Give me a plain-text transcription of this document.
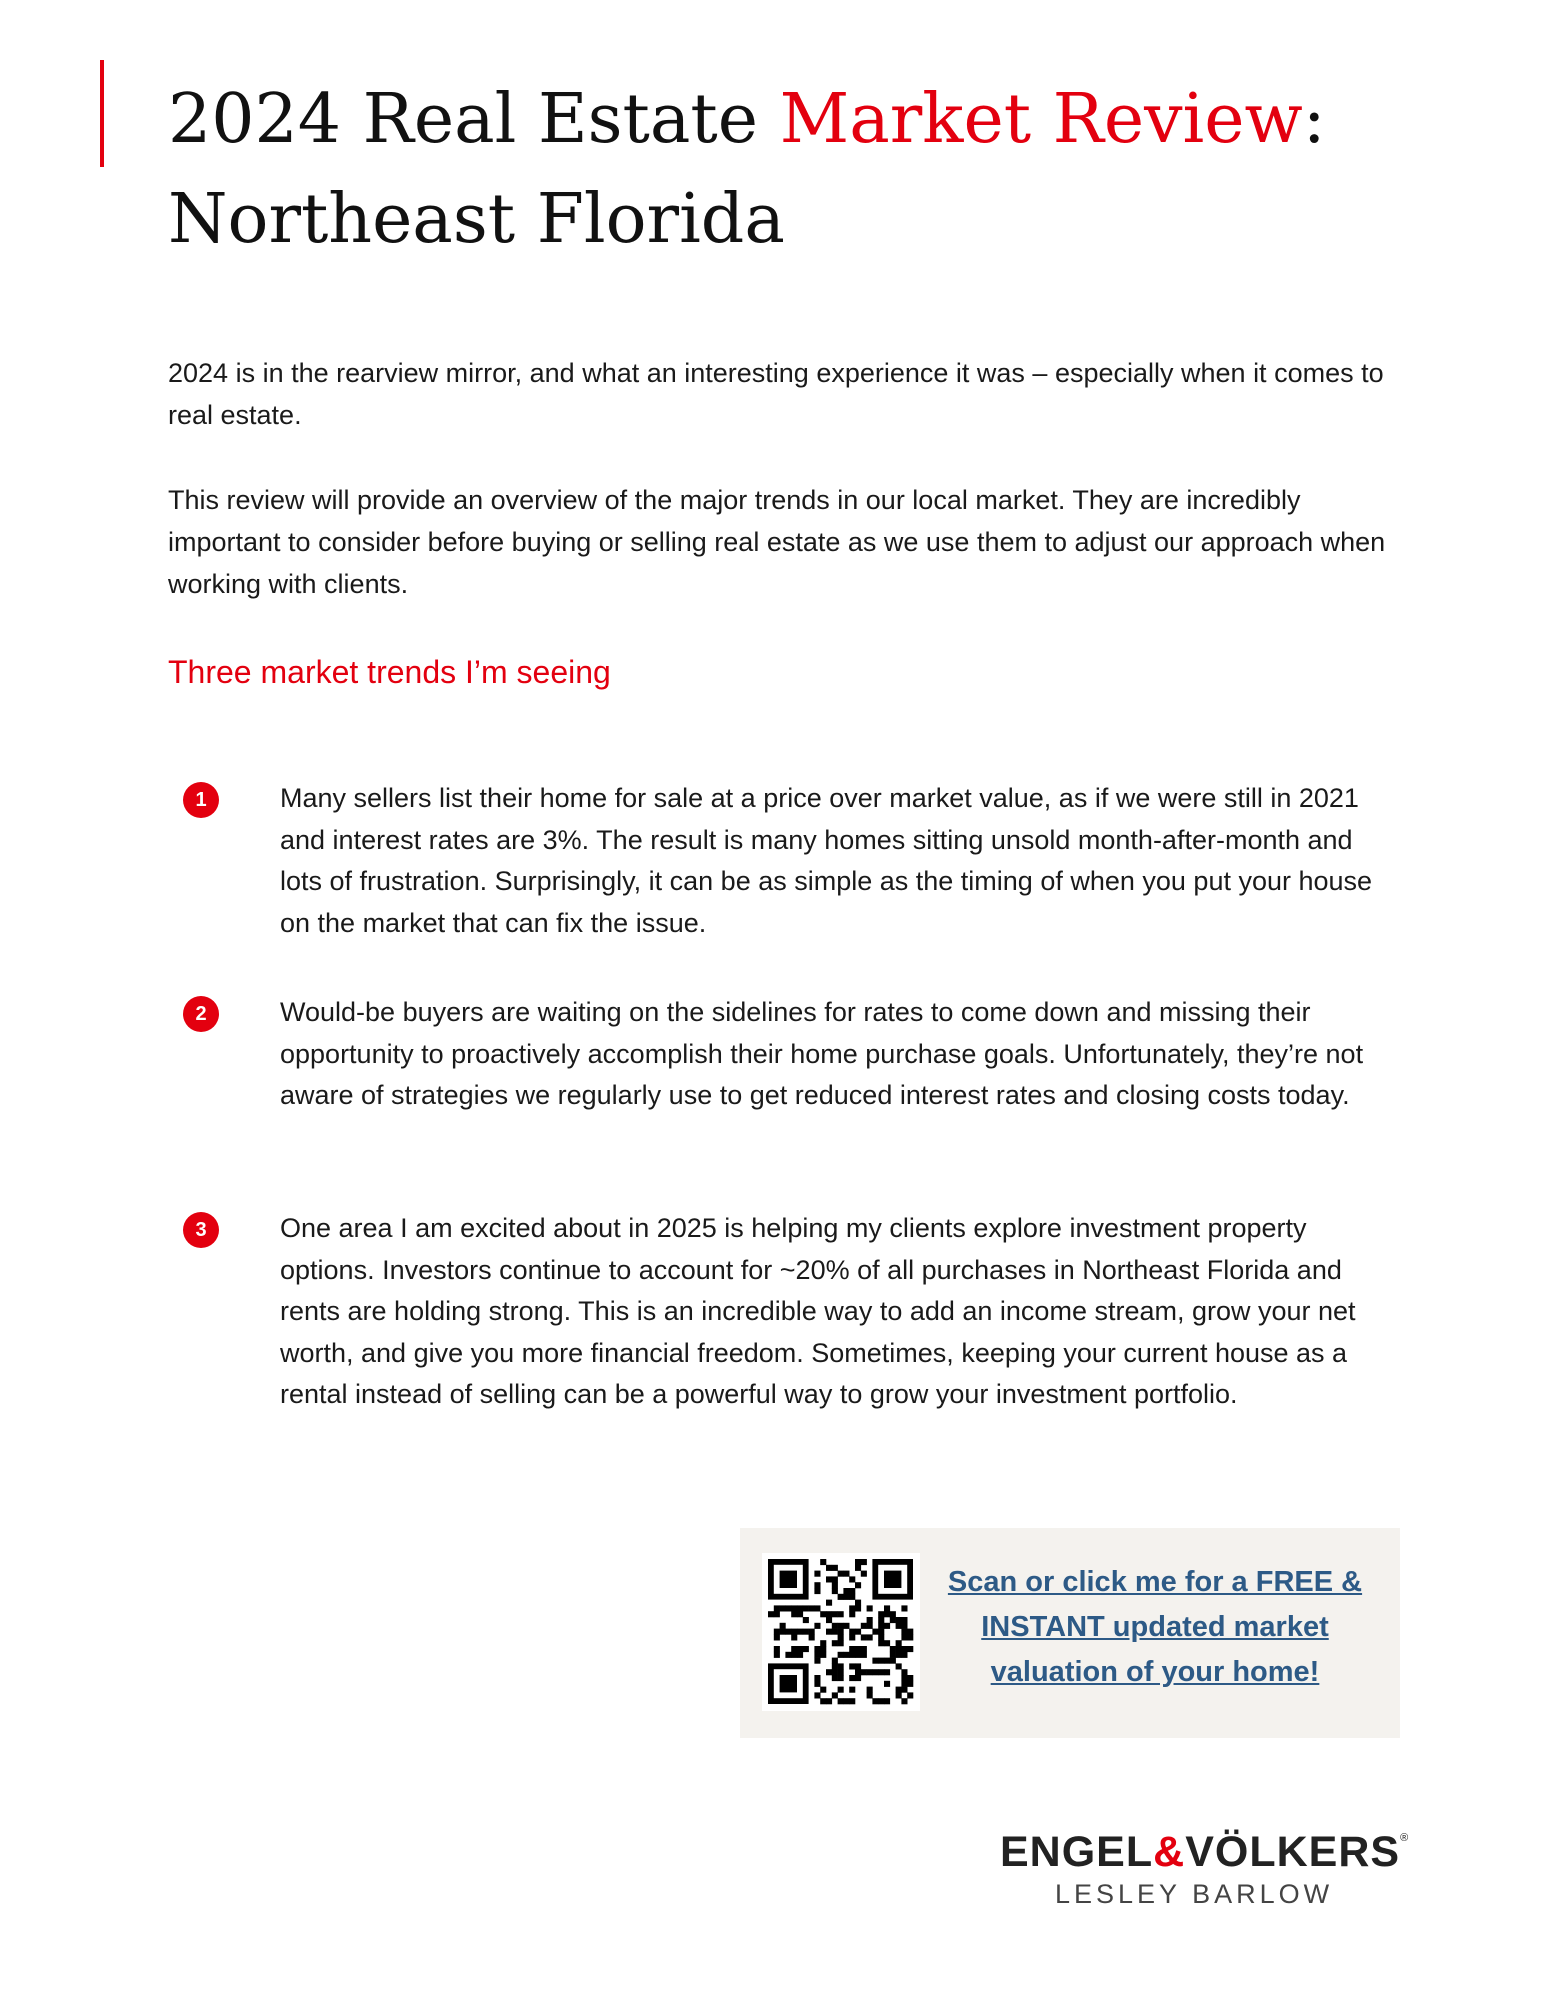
2024 Real Estate Market Review:
Northeast Florida

2024 is in the rearview mirror, and what an interesting experience it was – especially when it comes to real estate.

This review will provide an overview of the major trends in our local market. They are incredibly important to consider before buying or selling real estate as we use them to adjust our approach when working with clients.

Three market trends I’m seeing
1	Many sellers list their home for sale at a price over market value, as if we were still in 2021 and interest rates are 3%. The result is many homes sitting unsold month-after-month and lots of frustration. Surprisingly, it can be as simple as the timing of when you put your house on the market that can fix the issue.

2	Would-be buyers are waiting on the sidelines for rates to come down and missing their opportunity to proactively accomplish their home purchase goals. Unfortunately, they’re not aware of strategies we regularly use to get reduced interest rates and closing costs today.

3	One area I am excited about in 2025 is helping my clients explore investment property options. Investors continue to account for ~20% of all purchases in Northeast Florida and rents are holding strong. This is an incredible way to add an income stream, grow your net worth, and give you more financial freedom. Sometimes, keeping your current house as a rental instead of selling can be a powerful way to grow your investment portfolio.

Scan or click me for a FREE & INSTANT updated market valuation of your home!
ENGEL&VÖLKERS®
LESLEY BARLOW
